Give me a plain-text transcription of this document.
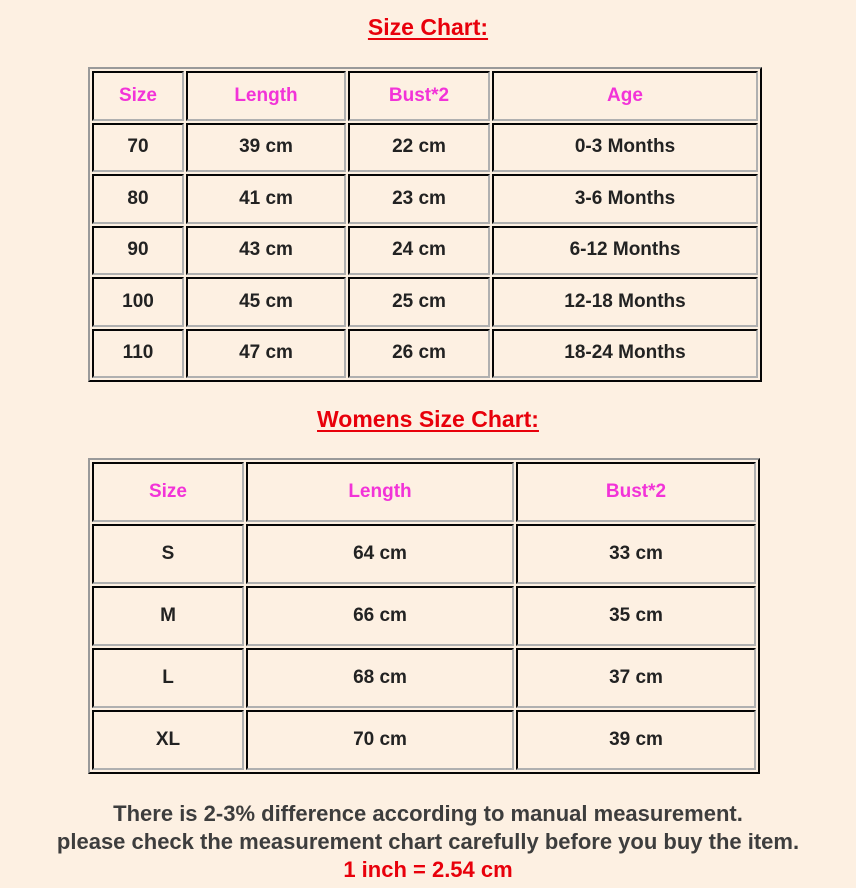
Size Chart:
Size	Length	Bust*2	Age
70	39 cm	22 cm	0-3 Months
80	41 cm	23 cm	3-6 Months
90	43 cm	24 cm	6-12 Months
100	45 cm	25 cm	12-18 Months
110	47 cm	26 cm	18-24 Months
Womens Size Chart:
Size	Length	Bust*2
S	64 cm	33 cm
M	66 cm	35 cm
L	68 cm	37 cm
XL	70 cm	39 cm
There is 2-3% difference according to manual measurement.
please check the measurement chart carefully before you buy the item.
1 inch = 2.54 cm
